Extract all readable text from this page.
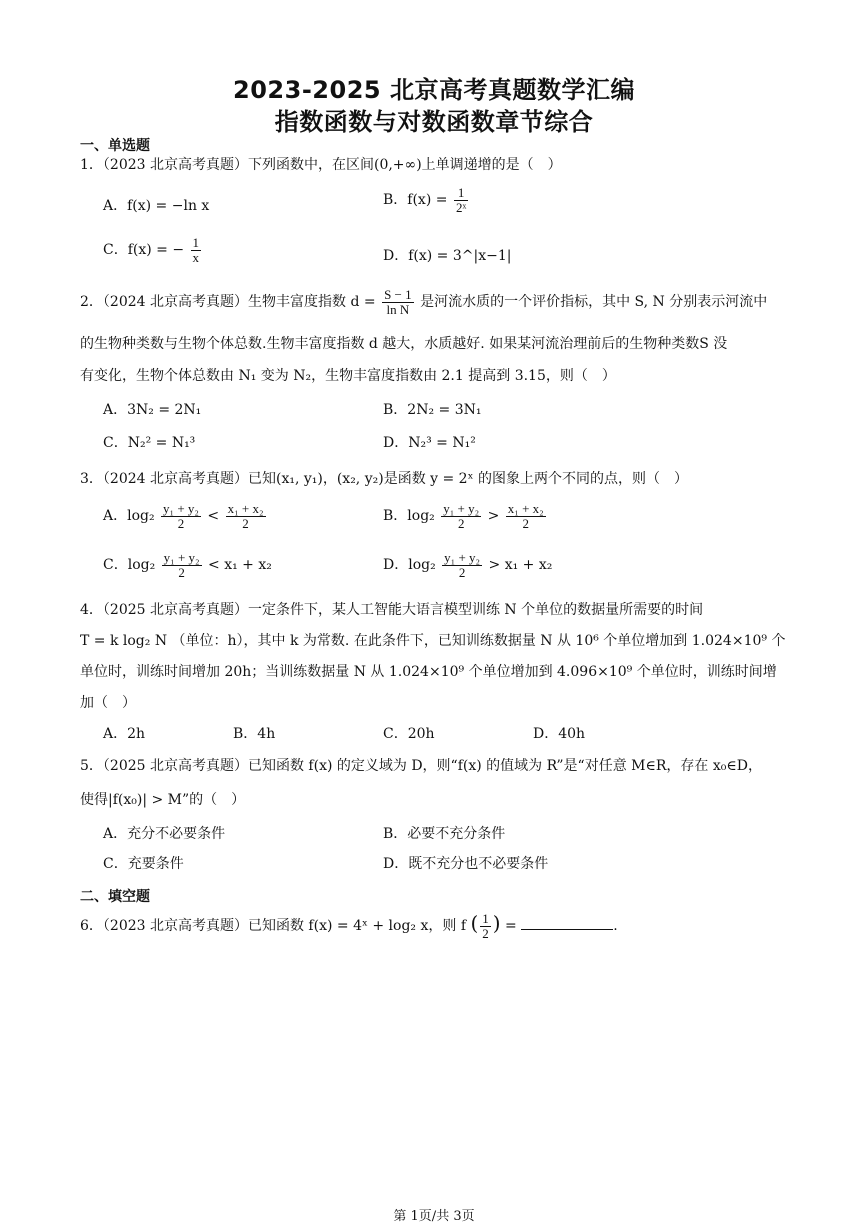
2023-2025 北京高考真题数学汇编
指数函数与对数函数章节综合
一、单选题
1．（2023 北京高考真题）下列函数中，在区间(0,+∞)上单调递增的是（　）
A．f(x) = −ln x	B．$f(x) = \frac{1}{\text{2ˣ}}$
C．f(x) = − $\frac{1}{x}$	D．f(x) = 3^|x−1|
2．（2024 北京高考真题）生物丰富度指数 $d = \frac{S - 1}{\text{ln N}}$ 是河流水质的一个评价指标，其中 S, N 分别表示河流中
的生物种类数与生物个体总数.生物丰富度指数 d 越大，水质越好. 如果某河流治理前后的生物种类数S 没
有变化，生物个体总数由 N₁ 变为 N₂，生物丰富度指数由 2.1 提高到 3.15，则（　）
A．3N₂ = 2N₁	B．2N₂ = 3N₁
C．N₂² = N₁³	D．N₂³ = N₁²
3．（2024 北京高考真题）已知(x₁, y₁)，(x₂, y₂)是函数 y = 2ˣ 的图象上两个不同的点，则（　）
A．$\log_2 \frac{\text{y₁ + y₂}}{2} < \frac{\text{x₁ + x₂}}{2}$	B．$\log_2 \frac{\text{y₁ + y₂}}{2} > \frac{\text{x₁ + x₂}}{2}$
C．$\log_2 \frac{\text{y₁ + y₂}}{2} < x_1 + x_2$	D．$\log_2 \frac{\text{y₁ + y₂}}{2} > x_1 + x_2$
4．（2025 北京高考真题）一定条件下，某人工智能大语言模型训练 N 个单位的数据量所需要的时间
T = k log₂ N （单位：h），其中 k 为常数. 在此条件下，已知训练数据量 N 从 10⁶ 个单位增加到 1.024×10⁹ 个
单位时，训练时间增加 20h；当训练数据量 N 从 1.024×10⁹ 个单位增加到 4.096×10⁹ 个单位时，训练时间增
加（　）
A．2h	B．4h	C．20h	D．40h
5．（2025 北京高考真题）已知函数 f(x) 的定义域为 D，则“f(x) 的值域为 R”是“对任意 M∈R，存在 x₀∈D，
使得|f(x₀)| > M”的（　）
A．充分不必要条件	B．必要不充分条件
C．充要条件	D．既不充分也不必要条件
二、填空题
6．（2023 北京高考真题）已知函数 f(x) = 4ˣ + log₂ x，则 f ( $\frac{1}{2}$ ) =	.
第 1页/共 3页
